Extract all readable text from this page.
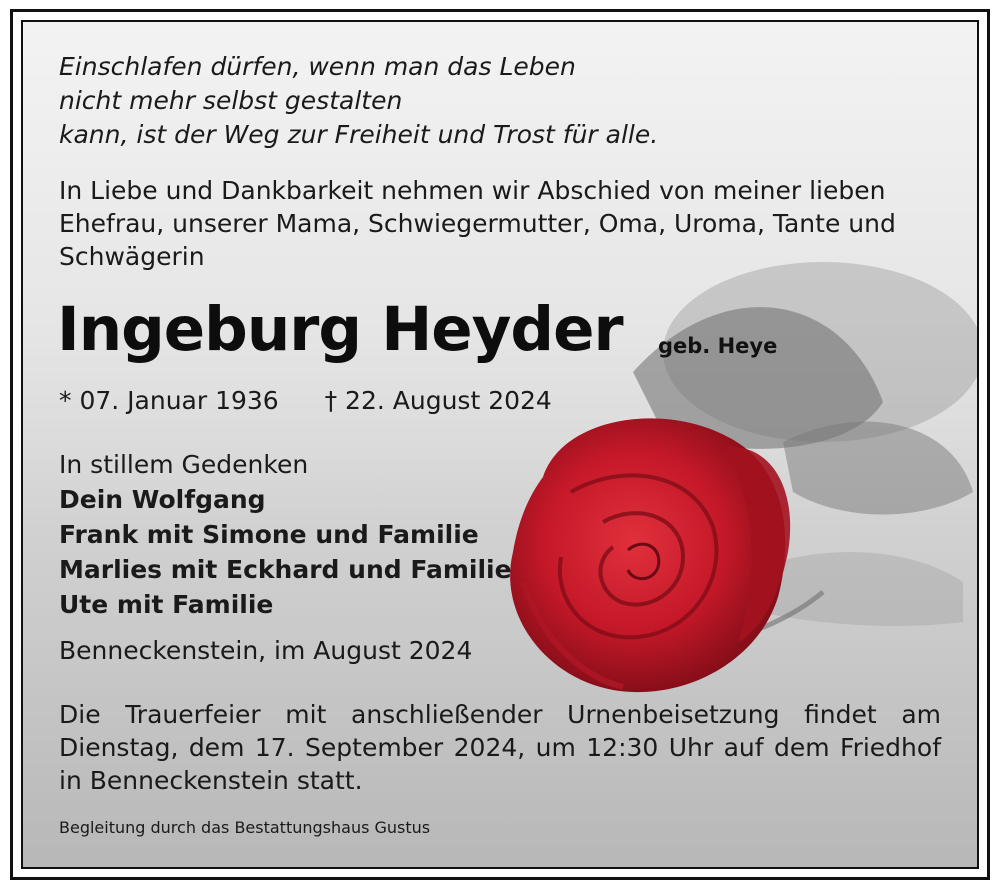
Einschlafen dürfen, wenn man das Leben
nicht mehr selbst gestalten
kann, ist der Weg zur Freiheit und Trost für alle.

In Liebe und Dankbarkeit nehmen wir Abschied von meiner lieben Ehefrau, unserer Mama, Schwiegermutter, Oma, Uroma, Tante und Schwägerin

Ingeburg Heyder geb. Heye
* 07. Januar 1936 † 22. August 2024
In stillem Gedenken
Dein Wolfgang
Frank mit Simone und Familie
Marlies mit Eckhard und Familie
Ute mit Familie
Benneckenstein, im August 2024

Die Trauerfeier mit anschließender Urnenbeisetzung findet am Dienstag, dem 17. September 2024, um 12:30 Uhr auf dem Friedhof in Benneckenstein statt.

Begleitung durch das Bestattungshaus Gustus
